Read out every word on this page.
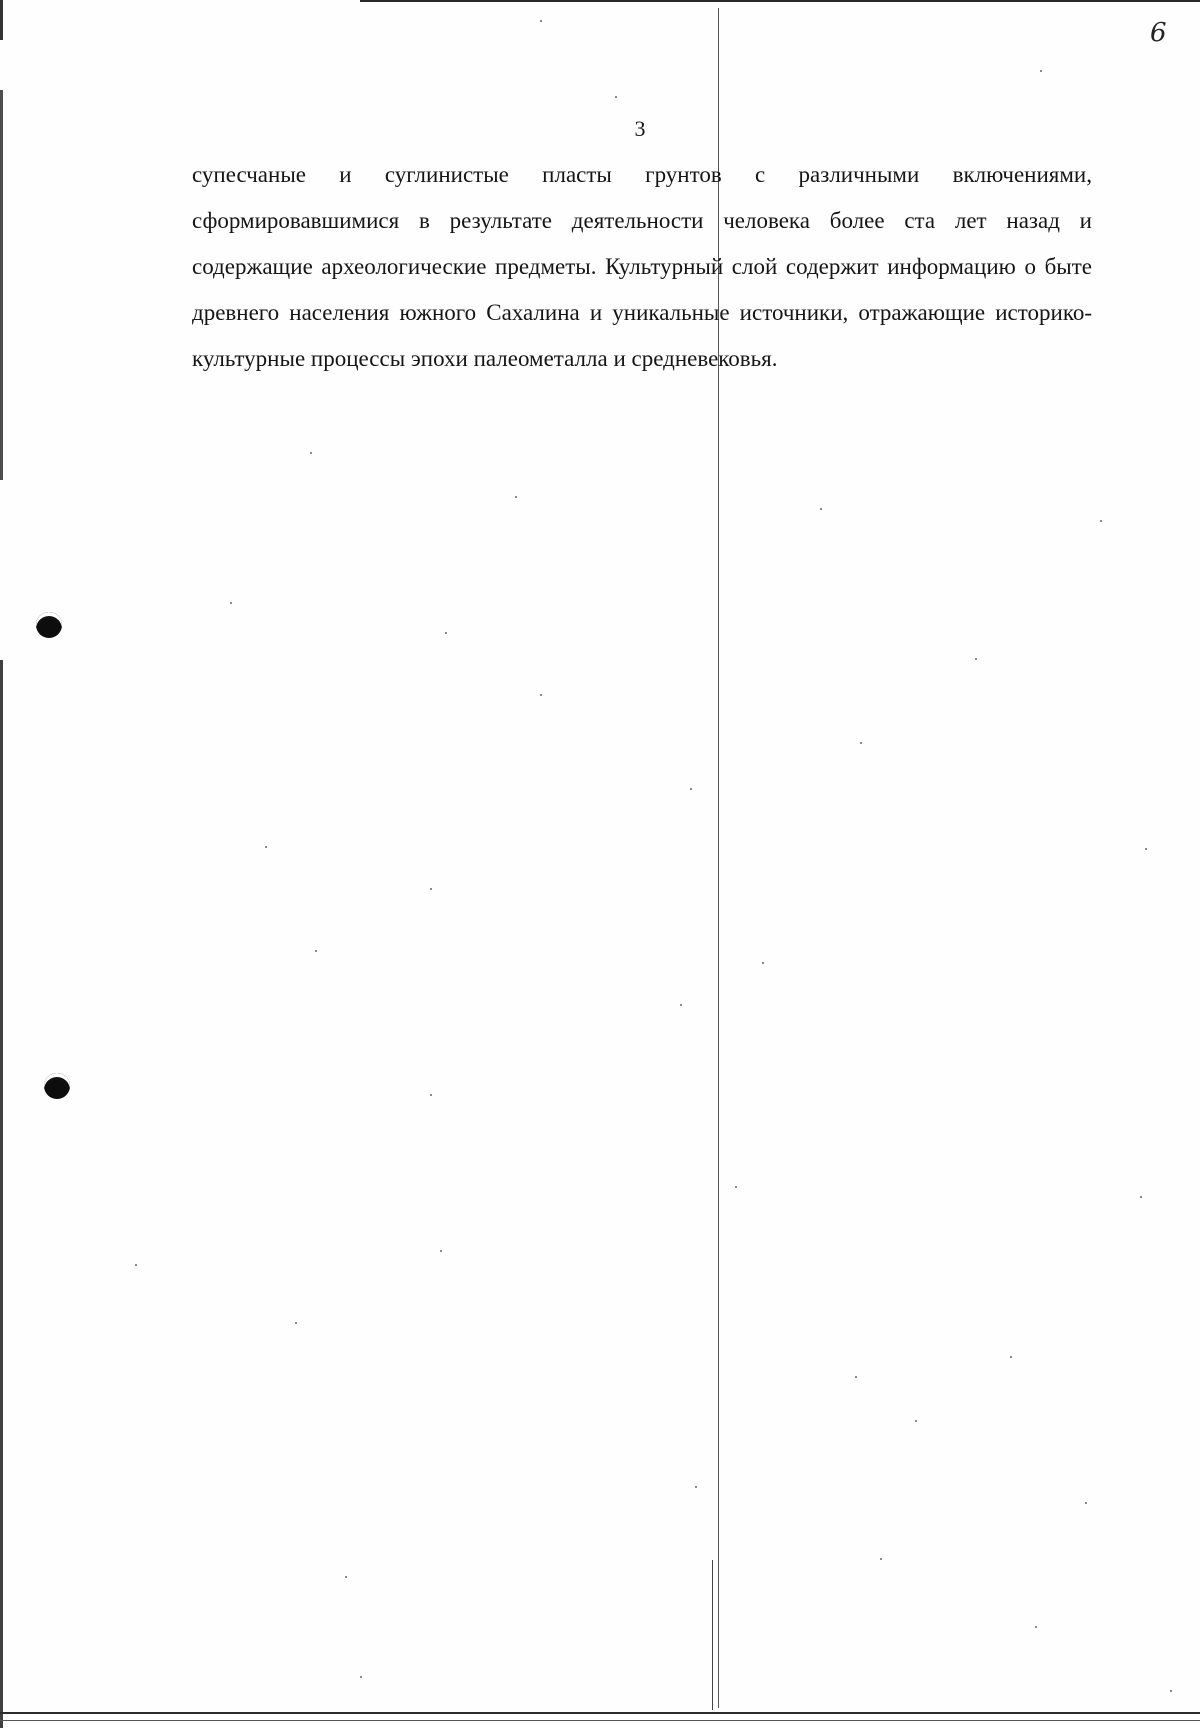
6
3

супесчаные и суглинистые пласты грунтов с различными включениями, сформировавшимися в результате деятельности человека более ста лет назад и содержащие археологические предметы. Культурный слой содержит информацию о быте древнего населения южного Сахалина и уникальные источники, отражающие историко-культурные процессы эпохи палеометалла и средневековья.
